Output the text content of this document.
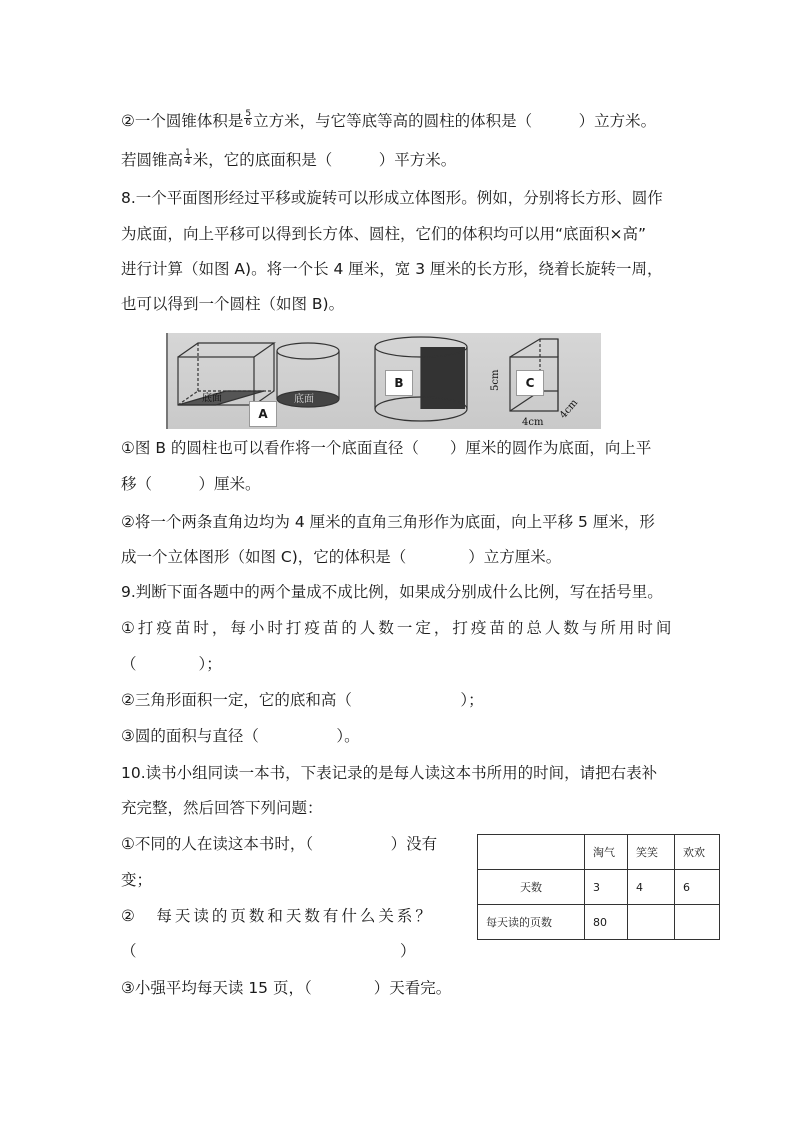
②一个圆锥体积是 $\frac{5}{6}$ 立方米，与它等底等高的圆柱的体积是（　　　）立方米。
若圆锥高 $\frac{1}{4}$ 米，它的底面积是（　　　）平方米。
8.一个平面图形经过平移或旋转可以形成立体图形。例如，分别将长方形、圆作
为底面，向上平移可以得到长方体、圆柱，它们的体积均可以用“底面积×高”
进行计算（如图 A)。将一个长 4 厘米，宽 3 厘米的长方形，绕着长旋转一周，
也可以得到一个圆柱（如图 B)。
底面	底面
5cm
4cm
4cm
A
B	C
①图 B 的圆柱也可以看作将一个底面直径（　　）厘米的圆作为底面，向上平
移（　　　）厘米。
②将一个两条直角边均为 4 厘米的直角三角形作为底面，向上平移 5 厘米，形
成一个立体图形（如图 C)，它的体积是（　　　　）立方厘米。
9.判断下面各题中的两个量成不成比例，如果成分别成什么比例，写在括号里。
①打疫苗时，每小时打疫苗的人数一定，打疫苗的总人数与所用时间
（　　　　）；
②三角形面积一定，它的底和高（　　　　　　　）；
③圆的面积与直径（　　　　　）。
10.读书小组同读一本书，下表记录的是每人读这本书所用的时间，请把右表补
充完整，然后回答下列问题：
①不同的人在读这本书时，（　　　　　）没有
变；
②　每天读的页数和天数有什么关系？
（　　　　　　　　　　　　　　　　　）
③小强平均每天读 15 页，（　　　　）天看完。
	淘气	笑笑	欢欢
天数	3	4	6
每天读的页数	80		
